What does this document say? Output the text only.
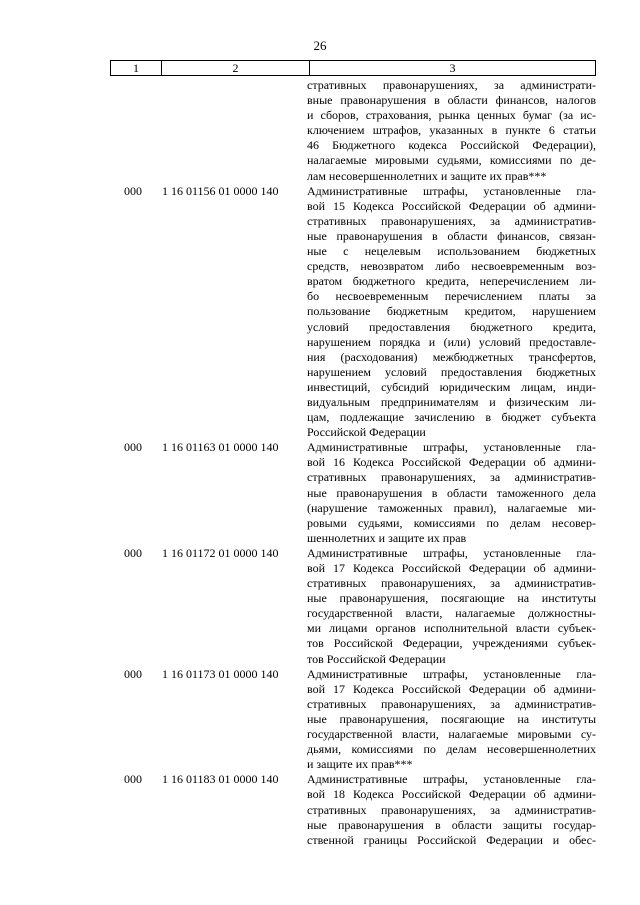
26
1	2	3
стративных правонарушениях, за администрати-
вные правонарушения в области финансов, налогов
и сборов, страхования, рынка ценных бумаг (за ис-
ключением штрафов, указанных в пункте 6 статьи
46 Бюджетного кодекса Российской Федерации),
налагаемые мировыми судьями, комиссиями по де-
лам несовершеннолетних и защите их прав***
000	1 16 01156 01 0000 140	Административные штрафы, установленные гла-
вой 15 Кодекса Российской Федерации об админи-
стративных правонарушениях, за административ-
ные правонарушения в области финансов, связан-
ные с нецелевым использованием бюджетных
средств, невозвратом либо несвоевременным воз-
вратом бюджетного кредита, неперечислением ли-
бо несвоевременным перечислением платы за
пользование бюджетным кредитом, нарушением
условий предоставления бюджетного кредита,
нарушением порядка и (или) условий предоставле-
ния (расходования) межбюджетных трансфертов,
нарушением условий предоставления бюджетных
инвестиций, субсидий юридическим лицам, инди-
видуальным предпринимателям и физическим ли-
цам, подлежащие зачислению в бюджет субъекта
Российской Федерации
000	1 16 01163 01 0000 140	Административные штрафы, установленные гла-
вой 16 Кодекса Российской Федерации об админи-
стративных правонарушениях, за административ-
ные правонарушения в области таможенного дела
(нарушение таможенных правил), налагаемые ми-
ровыми судьями, комиссиями по делам несовер-
шеннолетних и защите их прав
000	1 16 01172 01 0000 140	Административные штрафы, установленные гла-
вой 17 Кодекса Российской Федерации об админи-
стративных правонарушениях, за административ-
ные правонарушения, посягающие на институты
государственной власти, налагаемые должностны-
ми лицами органов исполнительной власти субъек-
тов Российской Федерации, учреждениями субъек-
тов Российской Федерации
000	1 16 01173 01 0000 140	Административные штрафы, установленные гла-
вой 17 Кодекса Российской Федерации об админи-
стративных правонарушениях, за административ-
ные правонарушения, посягающие на институты
государственной власти, налагаемые мировыми су-
дьями, комиссиями по делам несовершеннолетних
и защите их прав***
000	1 16 01183 01 0000 140	Административные штрафы, установленные гла-
вой 18 Кодекса Российской Федерации об админи-
стративных правонарушениях, за административ-
ные правонарушения в области защиты государ-
ственной границы Российской Федерации и обес-
